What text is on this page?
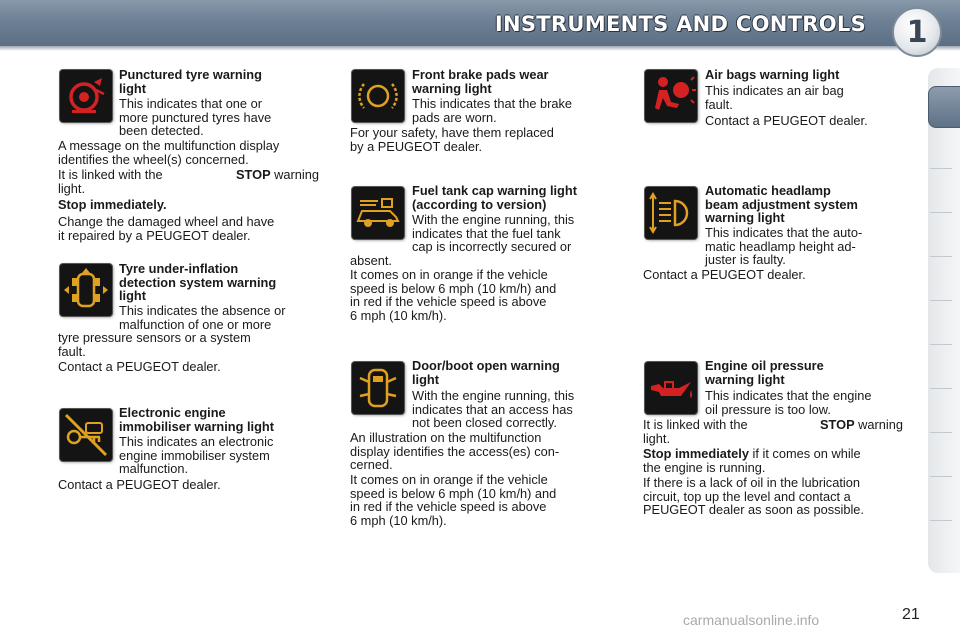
INSTRUMENTS AND CONTROLS	1
Punctured tyre warning
light
This indicates that one or
more punctured tyres have
been detected.
A message on the multifunction display
identifies the wheel(s) concerned.
It is linked with the	STOP warning
light.
Stop immediately.
Change the damaged wheel and have
it repaired by a PEUGEOT dealer.
Tyre under-inflation
detection system warning
light
This indicates the absence or
malfunction of one or more
tyre pressure sensors or a system
fault.
Contact a PEUGEOT dealer.
Electronic engine
immobiliser warning light
This indicates an electronic
engine immobiliser system
malfunction.
Contact a PEUGEOT dealer.
Front brake pads wear
warning light
This indicates that the brake
pads are worn.
For your safety, have them replaced
by a PEUGEOT dealer.
Fuel tank cap warning light
(according to version)
With the engine running, this
indicates that the fuel tank
cap is incorrectly secured or
absent.
It comes on in orange if the vehicle
speed is below 6 mph (10 km/h) and
in red if the vehicle speed is above
6 mph (10 km/h).
Door/boot open warning
light
With the engine running, this
indicates that an access has
not been closed correctly.
An illustration on the multifunction
display identifies the access(es) con-
cerned.
It comes on in orange if the vehicle
speed is below 6 mph (10 km/h) and
in red if the vehicle speed is above
6 mph (10 km/h).
Air bags warning light
This indicates an air bag
fault.
Contact a PEUGEOT dealer.
Automatic headlamp
beam adjustment system
warning light
This indicates that the auto-
matic headlamp height ad-
juster is faulty.
Contact a PEUGEOT dealer.
Engine oil pressure
warning light
This indicates that the engine
oil pressure is too low.
It is linked with the	STOP warning
light.
Stop immediately if it comes on while
the engine is running.
If there is a lack of oil in the lubrication
circuit, top up the level and contact a
PEUGEOT dealer as soon as possible.
carmanualsonline.info	21
